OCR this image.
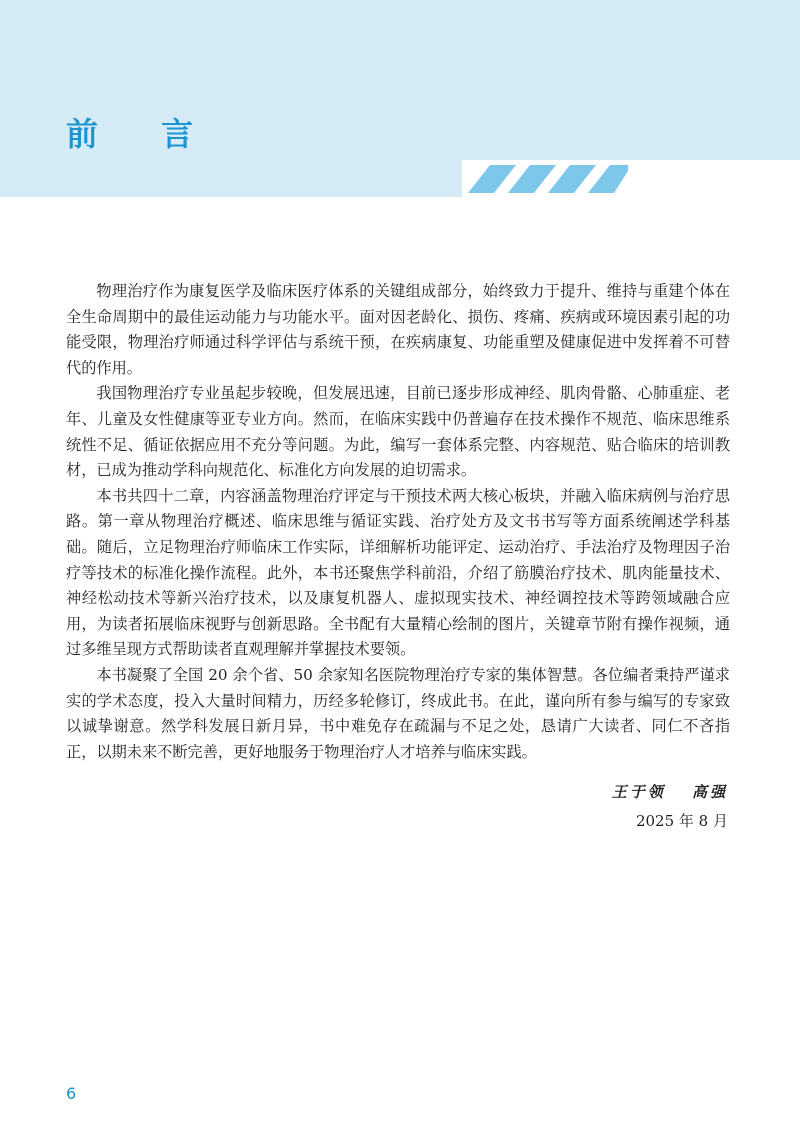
前 言

物理治疗作为康复医学及临床医疗体系的关键组成部分，始终致力于提升、维持与重建个体在全生命周期中的最佳运动能力与功能水平。面对因老龄化、损伤、疼痛、疾病或环境因素引起的功能受限，物理治疗师通过科学评估与系统干预，在疾病康复、功能重塑及健康促进中发挥着不可替代的作用。

我国物理治疗专业虽起步较晚，但发展迅速，目前已逐步形成神经、肌肉骨骼、心肺重症、老年、儿童及女性健康等亚专业方向。然而，在临床实践中仍普遍存在技术操作不规范、临床思维系统性不足、循证依据应用不充分等问题。为此，编写一套体系完整、内容规范、贴合临床的培训教材，已成为推动学科向规范化、标准化方向发展的迫切需求。

本书共四十二章，内容涵盖物理治疗评定与干预技术两大核心板块，并融入临床病例与治疗思路。第一章从物理治疗概述、临床思维与循证实践、治疗处方及文书书写等方面系统阐述学科基础。随后，立足物理治疗师临床工作实际，详细解析功能评定、运动治疗、手法治疗及物理因子治疗等技术的标准化操作流程。此外，本书还聚焦学科前沿，介绍了筋膜治疗技术、肌肉能量技术、神经松动技术等新兴治疗技术，以及康复机器人、虚拟现实技术、神经调控技术等跨领域融合应用，为读者拓展临床视野与创新思路。全书配有大量精心绘制的图片，关键章节附有操作视频，通过多维呈现方式帮助读者直观理解并掌握技术要领。

本书凝聚了全国 20 余个省、50 余家知名医院物理治疗专家的集体智慧。各位编者秉持严谨求实的学术态度，投入大量时间精力，历经多轮修订，终成此书。在此，谨向所有参与编写的专家致以诚挚谢意。然学科发展日新月异，书中难免存在疏漏与不足之处，恳请广大读者、同仁不吝指正，以期未来不断完善，更好地服务于物理治疗人才培养与临床实践。

王于领 高强
2025 年 8 月
6
